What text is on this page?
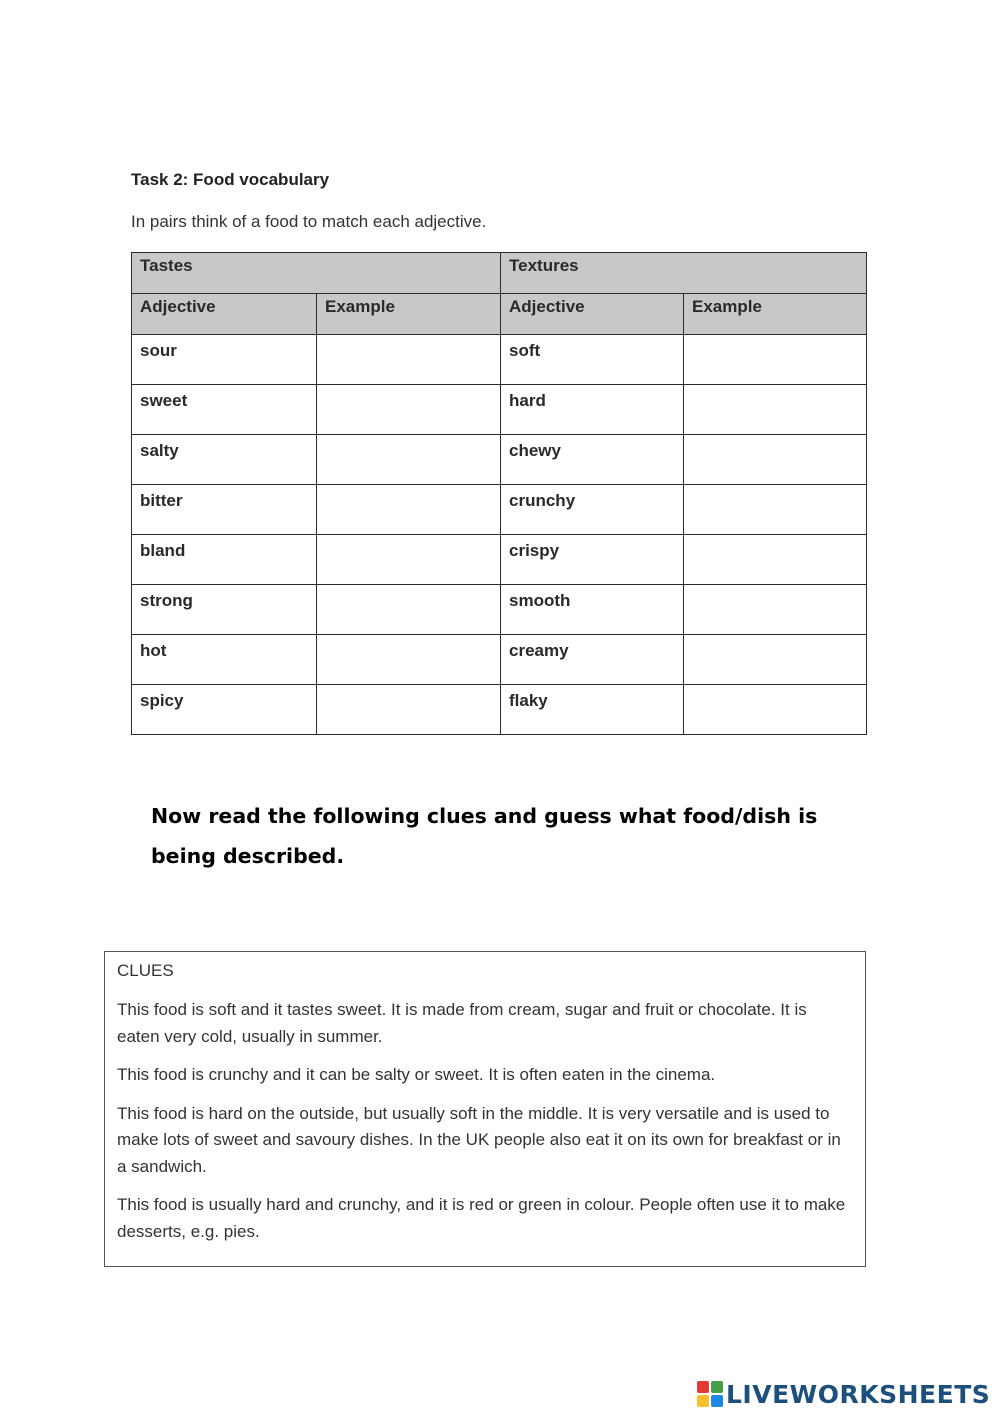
Task 2: Food vocabulary
In pairs think of a food to match each adjective.
Tastes		Textures	
Adjective	Example	Adjective	Example
sour		soft	
sweet		hard	
salty		chewy	
bitter		crunchy	
bland		crispy	
strong		smooth	
hot		creamy	
spicy		flaky	
Now read the following clues and guess what food/dish is being described.
CLUES

This food is soft and it tastes sweet. It is made from cream, sugar and fruit or chocolate. It is eaten very cold, usually in summer.

This food is crunchy and it can be salty or sweet. It is often eaten in the cinema.

This food is hard on the outside, but usually soft in the middle. It is very versatile and is used to make lots of sweet and savoury dishes. In the UK people also eat it on its own for breakfast or in a sandwich.

This food is usually hard and crunchy, and it is red or green in colour. People often use it to make desserts, e.g. pies.

LIVEWORKSHEETS
